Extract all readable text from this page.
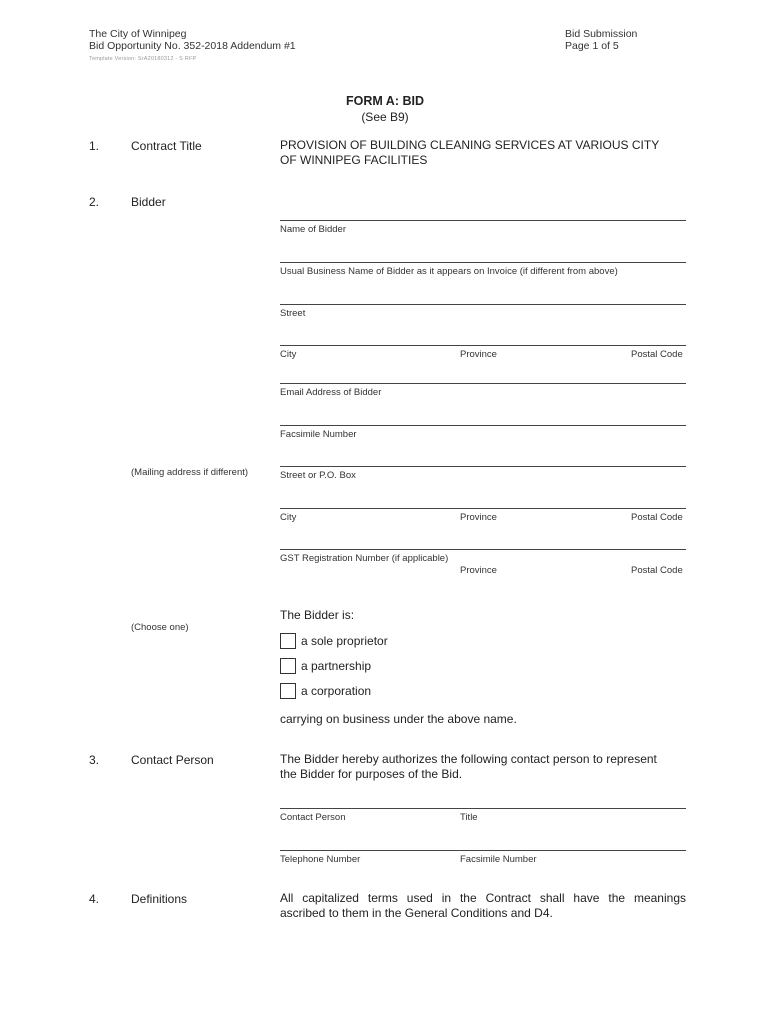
The City of Winnipeg
Bid Opportunity No. 352-2018 Addendum #1
Template Version: SrA20180312 - S RFP
Bid Submission
Page 1 of 5
FORM A: BID
(See B9)
1.	Contract Title	PROVISION OF BUILDING CLEANING SERVICES AT VARIOUS CITY
OF WINNIPEG FACILITIES
2.	Bidder
Name of Bidder
Usual Business Name of Bidder as it appears on Invoice (if different from above)
Street
City	Province	Postal Code
Email Address of Bidder
Facsimile Number
(Mailing address if different)	Street or P.O. Box
City	Province	Postal Code
GST Registration Number (if applicable)
Province	Postal Code
The Bidder is:
(Choose one)
a sole proprietor
a partnership
a corporation
carrying on business under the above name.
3.	Contact Person	The Bidder hereby authorizes the following contact person to represent
the Bidder for purposes of the Bid.
Contact Person	Title
Telephone Number	Facsimile Number
4.	Definitions	All capitalized terms used in the Contract shall have the meanings
ascribed to them in the General Conditions and D4.
